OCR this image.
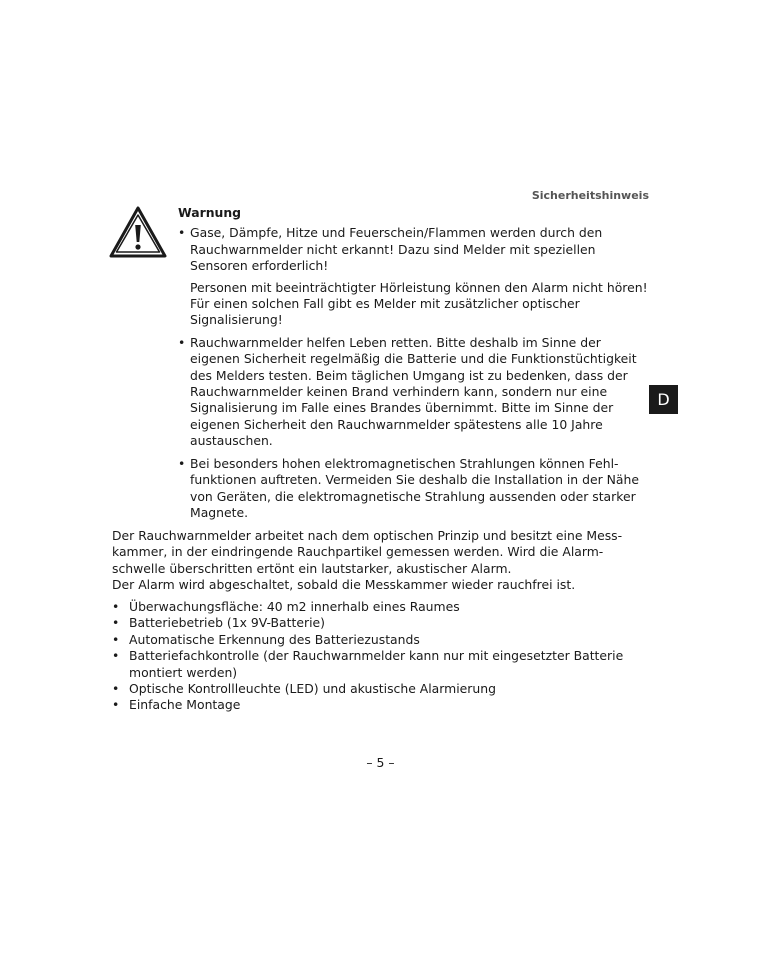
Sicherheitshinweis
D
Warnung
• Gase, Dämpfe, Hitze und Feuerschein/Flammen werden durch den Rauchwarnmelder nicht erkannt! Dazu sind Melder mit speziellen Sensoren erforderlich!
Personen mit beeinträchtigter Hörleistung können den Alarm nicht hören! Für einen solchen Fall gibt es Melder mit zusätzlicher optischer Signalisierung!
• Rauchwarnmelder helfen Leben retten. Bitte deshalb im Sinne der eigenen Sicherheit regelmäßig die Batterie und die Funktionstüchtigkeit des Melders testen. Beim täglichen Umgang ist zu bedenken, dass der Rauchwarnmelder keinen Brand verhindern kann, sondern nur eine Signalisierung im Falle eines Brandes übernimmt. Bitte im Sinne der eigenen Sicherheit den Rauchwarnmelder spätestens alle 10 Jahre austauschen.
• Bei besonders hohen elektromagnetischen Strahlungen können Fehl-funktionen auftreten. Vermeiden Sie deshalb die Installation in der Nähe von Geräten, die elektromagnetische Strahlung aussenden oder starker Magnete.

Der Rauchwarnmelder arbeitet nach dem optischen Prinzip und besitzt eine Mess-kammer, in der eindringende Rauchpartikel gemessen werden. Wird die Alarm-schwelle überschritten ertönt ein lautstarker, akustischer Alarm.

Der Alarm wird abgeschaltet, sobald die Messkammer wieder rauchfrei ist.

• Überwachungsfläche: 40 m2 innerhalb eines Raumes
• Batteriebetrieb (1x 9V-Batterie)
• Automatische Erkennung des Batteriezustands
• Batteriefachkontrolle (der Rauchwarnmelder kann nur mit eingesetzter Batterie montiert werden)
• Optische Kontrollleuchte (LED) und akustische Alarmierung
• Einfache Montage
– 5 –
